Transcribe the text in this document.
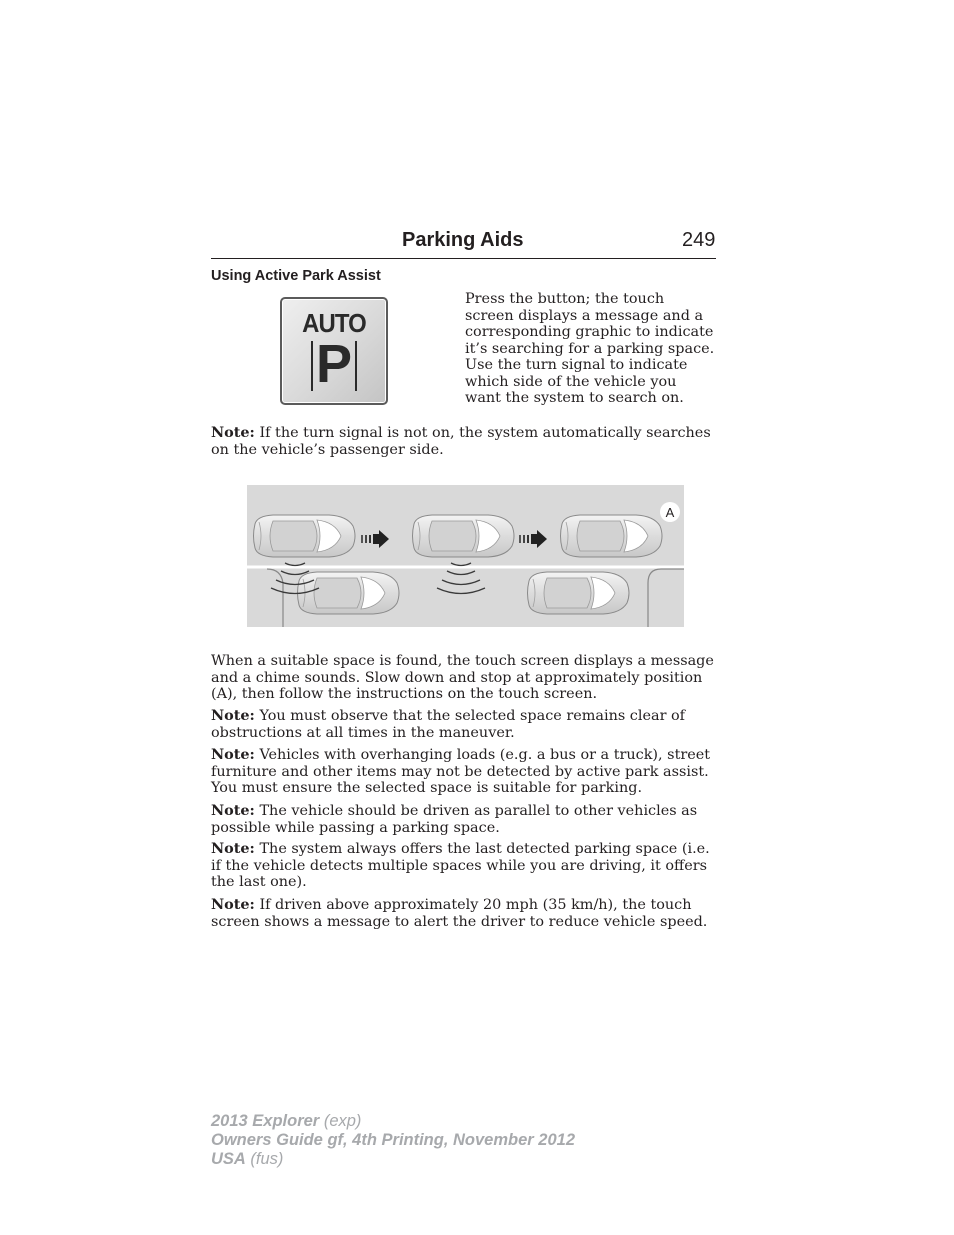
Parking Aids	249
Using Active Park Assist
AUTO
P
Press the button; the touch screen displays a message and a corresponding graphic to indicate it’s searching for a parking space. Use the turn signal to indicate which side of the vehicle you want the system to search on.
Note: If the turn signal is not on, the system automatically searches on the vehicle’s passenger side.
A
When a suitable space is found, the touch screen displays a message and a chime sounds. Slow down and stop at approximately position (A), then follow the instructions on the touch screen.
Note: You must observe that the selected space remains clear of obstructions at all times in the maneuver.
Note: Vehicles with overhanging loads (e.g. a bus or a truck), street furniture and other items may not be detected by active park assist. You must ensure the selected space is suitable for parking.
Note: The vehicle should be driven as parallel to other vehicles as possible while passing a parking space.
Note: The system always offers the last detected parking space (i.e. if the vehicle detects multiple spaces while you are driving, it offers the last one).
Note: If driven above approximately 20 mph (35 km/h), the touch screen shows a message to alert the driver to reduce vehicle speed.
2013 Explorer (exp)
Owners Guide gf, 4th Printing, November 2012
USA (fus)
